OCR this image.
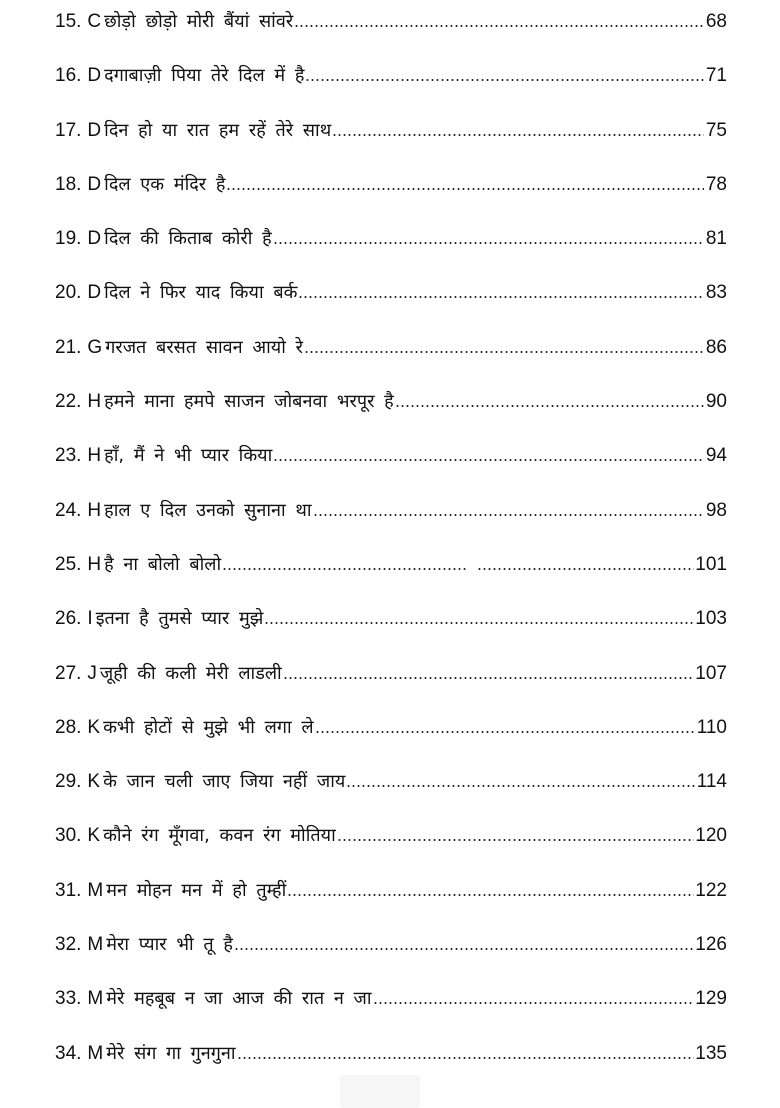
15. C छोड़ो छोड़ो मोरी बैंयां सांवरे	68
16. D दगाबाज़ी पिया तेरे दिल में है	71
17. D दिन हो या रात हम रहें तेरे साथ	75
18. D दिल एक मंदिर है	78
19. D दिल की किताब कोरी है	81
20. D दिल ने फिर याद किया बर्क	83
21. G गरजत बरसत सावन आयो रे	86
22. H हमने माना हमपे साजन जोबनवा भरपूर है	90
23. H हाँ, मैं ने भी प्यार किया	94
24. H हाल ए दिल उनको सुनाना था	98
25. H है ना बोलो बोलो	101
26. I इतना है तुमसे प्यार मुझे	103
27. J जूही की कली मेरी लाडली	107
28. K कभी होटों से मुझे भी लगा ले	110
29. K के जान चली जाए जिया नहीं जाय	114
30. K कौने रंग मूँगवा, कवन रंग मोतिया	120
31. M मन मोहन मन में हो तुम्हीं	122
32. M मेरा प्यार भी तू है	126
33. M मेरे महबूब न जा आज की रात न जा	129
34. M मेरे संग गा गुनगुना	135
